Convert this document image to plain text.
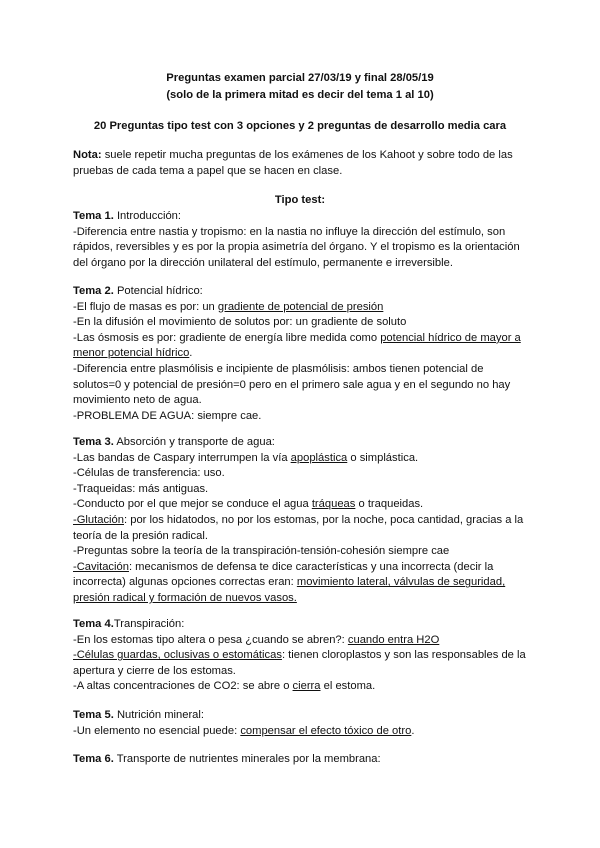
Preguntas examen parcial 27/03/19 y final 28/05/19
(solo de la primera mitad es decir del tema 1 al 10)
20 Preguntas tipo test con 3 opciones y 2 preguntas de desarrollo media cara
Nota: suele repetir mucha preguntas de los exámenes de los Kahoot y sobre todo de las pruebas de cada tema a papel que se hacen en clase.
Tipo test:

Tema 1. Introducción:

-Diferencia entre nastia y tropismo: en la nastia no influye la dirección del estímulo, son rápidos, reversibles y es por la propia asimetría del órgano. Y el tropismo es la orientación del órgano por la dirección unilateral del estímulo, permanente e irreversible.

Tema 2. Potencial hídrico:

-El flujo de masas es por: un gradiente de potencial de presión

-En la difusión el movimiento de solutos por: un gradiente de soluto

-Las ósmosis es por: gradiente de energía libre medida como potencial hídrico de mayor a menor potencial hídrico.

-Diferencia entre plasmólisis e incipiente de plasmólisis: ambos tienen potencial de solutos=0 y potencial de presión=0 pero en el primero sale agua y en el segundo no hay movimiento neto de agua.

-PROBLEMA DE AGUA: siempre cae.

Tema 3. Absorción y transporte de agua:

-Las bandas de Caspary interrumpen la vía apoplástica o simplástica.

-Células de transferencia: uso.

-Traqueidas: más antiguas.

-Conducto por el que mejor se conduce el agua tráqueas o traqueidas.

-Glutación: por los hidatodos, no por los estomas, por la noche, poca cantidad, gracias a la teoría de la presión radical.

-Preguntas sobre la teoría de la transpiración-tensión-cohesión siempre cae

-Cavitación: mecanismos de defensa te dice características y una incorrecta (decir la incorrecta) algunas opciones correctas eran: movimiento lateral, válvulas de seguridad, presión radical y formación de nuevos vasos.

Tema 4.Transpiración:

-En los estomas tipo altera o pesa ¿cuando se abren?: cuando entra H2O

-Células guardas, oclusivas o estomáticas: tienen cloroplastos y son las responsables de la apertura y cierre de los estomas.

-A altas concentraciones de CO2: se abre o cierra el estoma.

Tema 5. Nutrición mineral:

-Un elemento no esencial puede: compensar el efecto tóxico de otro.

Tema 6. Transporte de nutrientes minerales por la membrana:
